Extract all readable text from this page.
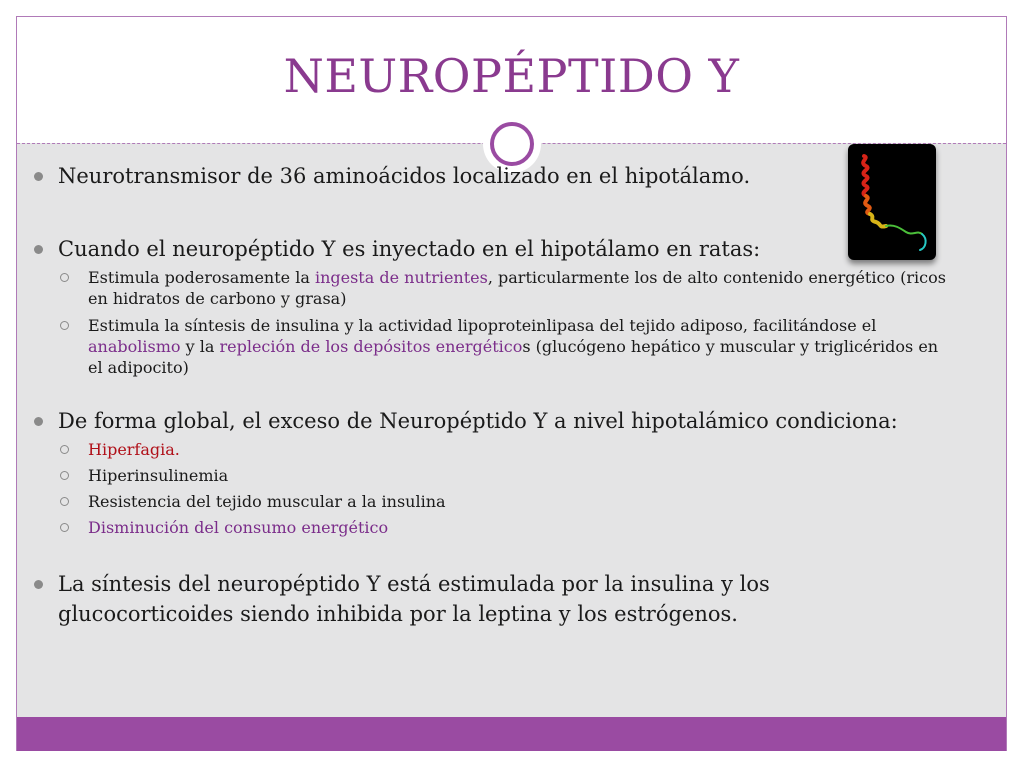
NEUROPÉPTIDO Y
Neurotransmisor de 36 aminoácidos localizado en el hipotálamo.
Cuando el neuropéptido Y es inyectado en el hipotálamo en ratas:
Estimula poderosamente la ingesta de nutrientes, particularmente los de alto contenido energético (ricos en hidratos de carbono y grasa)
Estimula la síntesis de insulina y la actividad lipoproteinlipasa del tejido adiposo, facilitándose el anabolismo y la repleción de los depósitos energéticos (glucógeno hepático y muscular y triglicéridos en el adipocito)
De forma global, el exceso de Neuropéptido Y a nivel hipotalámico condiciona:
Hiperfagia.
Hiperinsulinemia
Resistencia del tejido muscular a la insulina
Disminución del consumo energético
La síntesis del neuropéptido Y está estimulada por la insulina y los glucocorticoides siendo inhibida por la leptina y los estrógenos.
